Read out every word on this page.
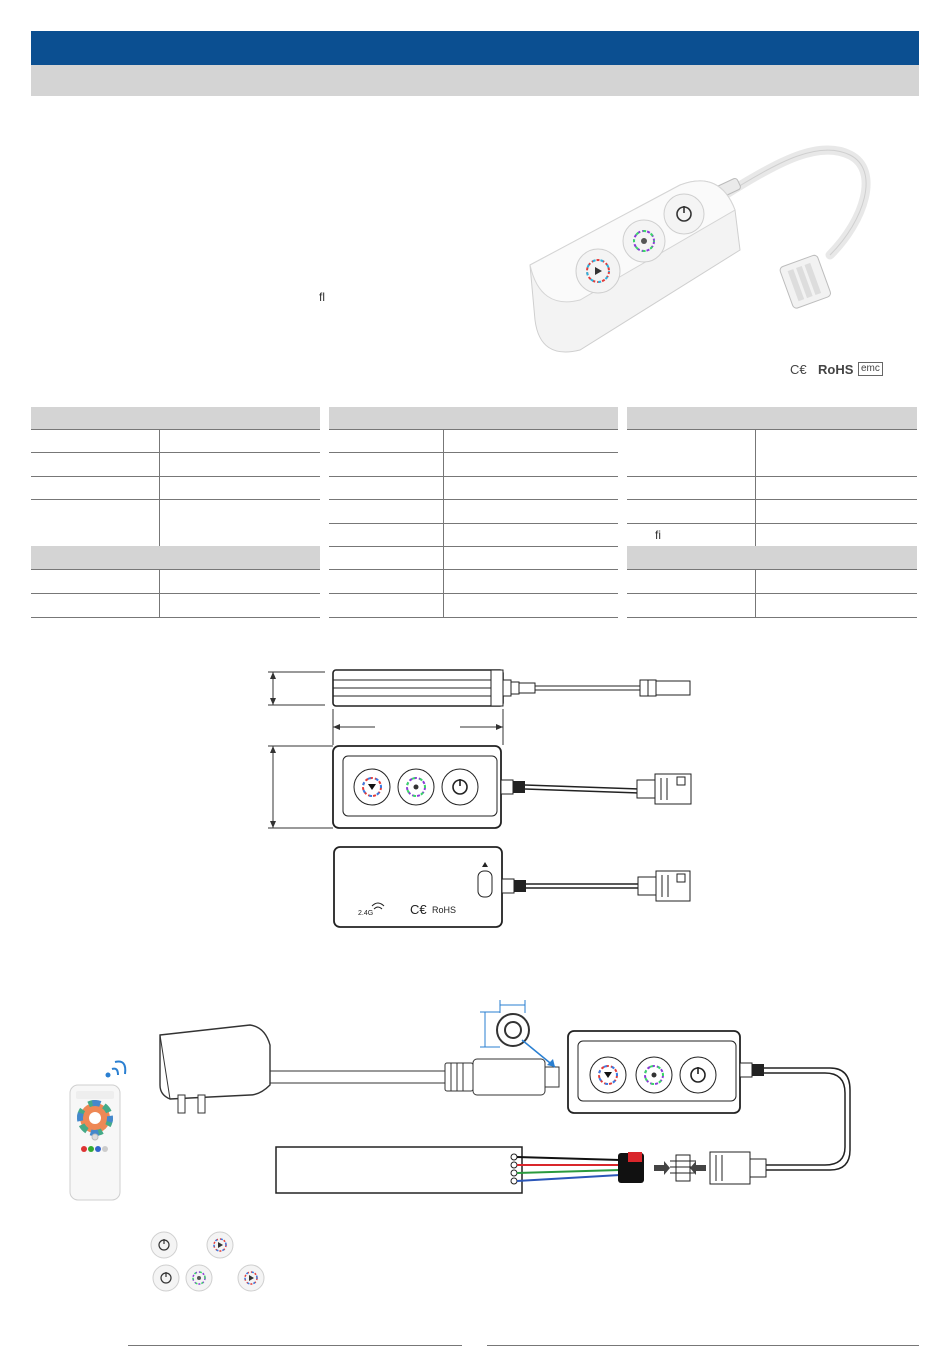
ﬂ
C€ RoHS emc
ﬁ
2.4G	C€ RoHS
